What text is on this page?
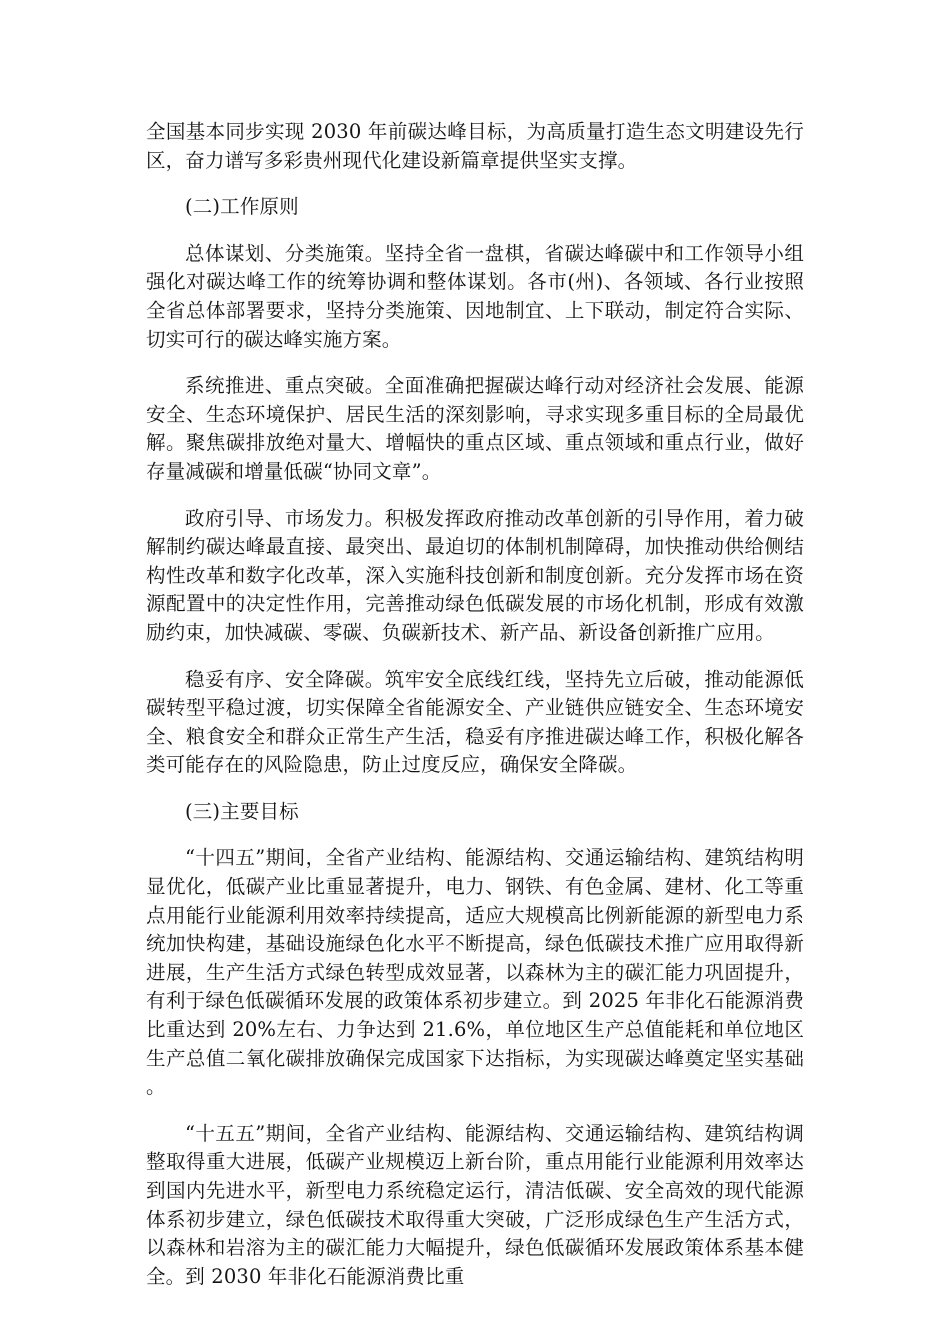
全国基本同步实现 2030 年前碳达峰目标，为高质量打造生态文明建设先行区，奋力谱写多彩贵州现代化建设新篇章提供坚实支撑。

(二)工作原则

总体谋划、分类施策。坚持全省一盘棋，省碳达峰碳中和工作领导小组强化对碳达峰工作的统筹协调和整体谋划。各市(州)、各领域、各行业按照全省总体部署要求，坚持分类施策、因地制宜、上下联动，制定符合实际、切实可行的碳达峰实施方案。

系统推进、重点突破。全面准确把握碳达峰行动对经济社会发展、能源安全、生态环境保护、居民生活的深刻影响，寻求实现多重目标的全局最优解。聚焦碳排放绝对量大、增幅快的重点区域、重点领域和重点行业，做好存量减碳和增量低碳“协同文章”。

政府引导、市场发力。积极发挥政府推动改革创新的引导作用，着力破解制约碳达峰最直接、最突出、最迫切的体制机制障碍，加快推动供给侧结构性改革和数字化改革，深入实施科技创新和制度创新。充分发挥市场在资源配置中的决定性作用，完善推动绿色低碳发展的市场化机制，形成有效激励约束，加快减碳、零碳、负碳新技术、新产品、新设备创新推广应用。

稳妥有序、安全降碳。筑牢安全底线红线，坚持先立后破，推动能源低碳转型平稳过渡，切实保障全省能源安全、产业链供应链安全、生态环境安全、粮食安全和群众正常生产生活，稳妥有序推进碳达峰工作，积极化解各类可能存在的风险隐患，防止过度反应，确保安全降碳。

(三)主要目标

“十四五”期间，全省产业结构、能源结构、交通运输结构、建筑结构明显优化，低碳产业比重显著提升，电力、钢铁、有色金属、建材、化工等重点用能行业能源利用效率持续提高，适应大规模高比例新能源的新型电力系统加快构建，基础设施绿色化水平不断提高，绿色低碳技术推广应用取得新进展，生产生活方式绿色转型成效显著，以森林为主的碳汇能力巩固提升，有利于绿色低碳循环发展的政策体系初步建立。到 2025 年非化石能源消费比重达到 20%左右、力争达到 21.6%，单位地区生产总值能耗和单位地区生产总值二氧化碳排放确保完成国家下达指标，为实现碳达峰奠定坚实基础。

“十五五”期间，全省产业结构、能源结构、交通运输结构、建筑结构调整取得重大进展，低碳产业规模迈上新台阶，重点用能行业能源利用效率达到国内先进水平，新型电力系统稳定运行，清洁低碳、安全高效的现代能源体系初步建立，绿色低碳技术取得重大突破，广泛形成绿色生产生活方式，以森林和岩溶为主的碳汇能力大幅提升，绿色低碳循环发展政策体系基本健全。到 2030 年非化石能源消费比重
